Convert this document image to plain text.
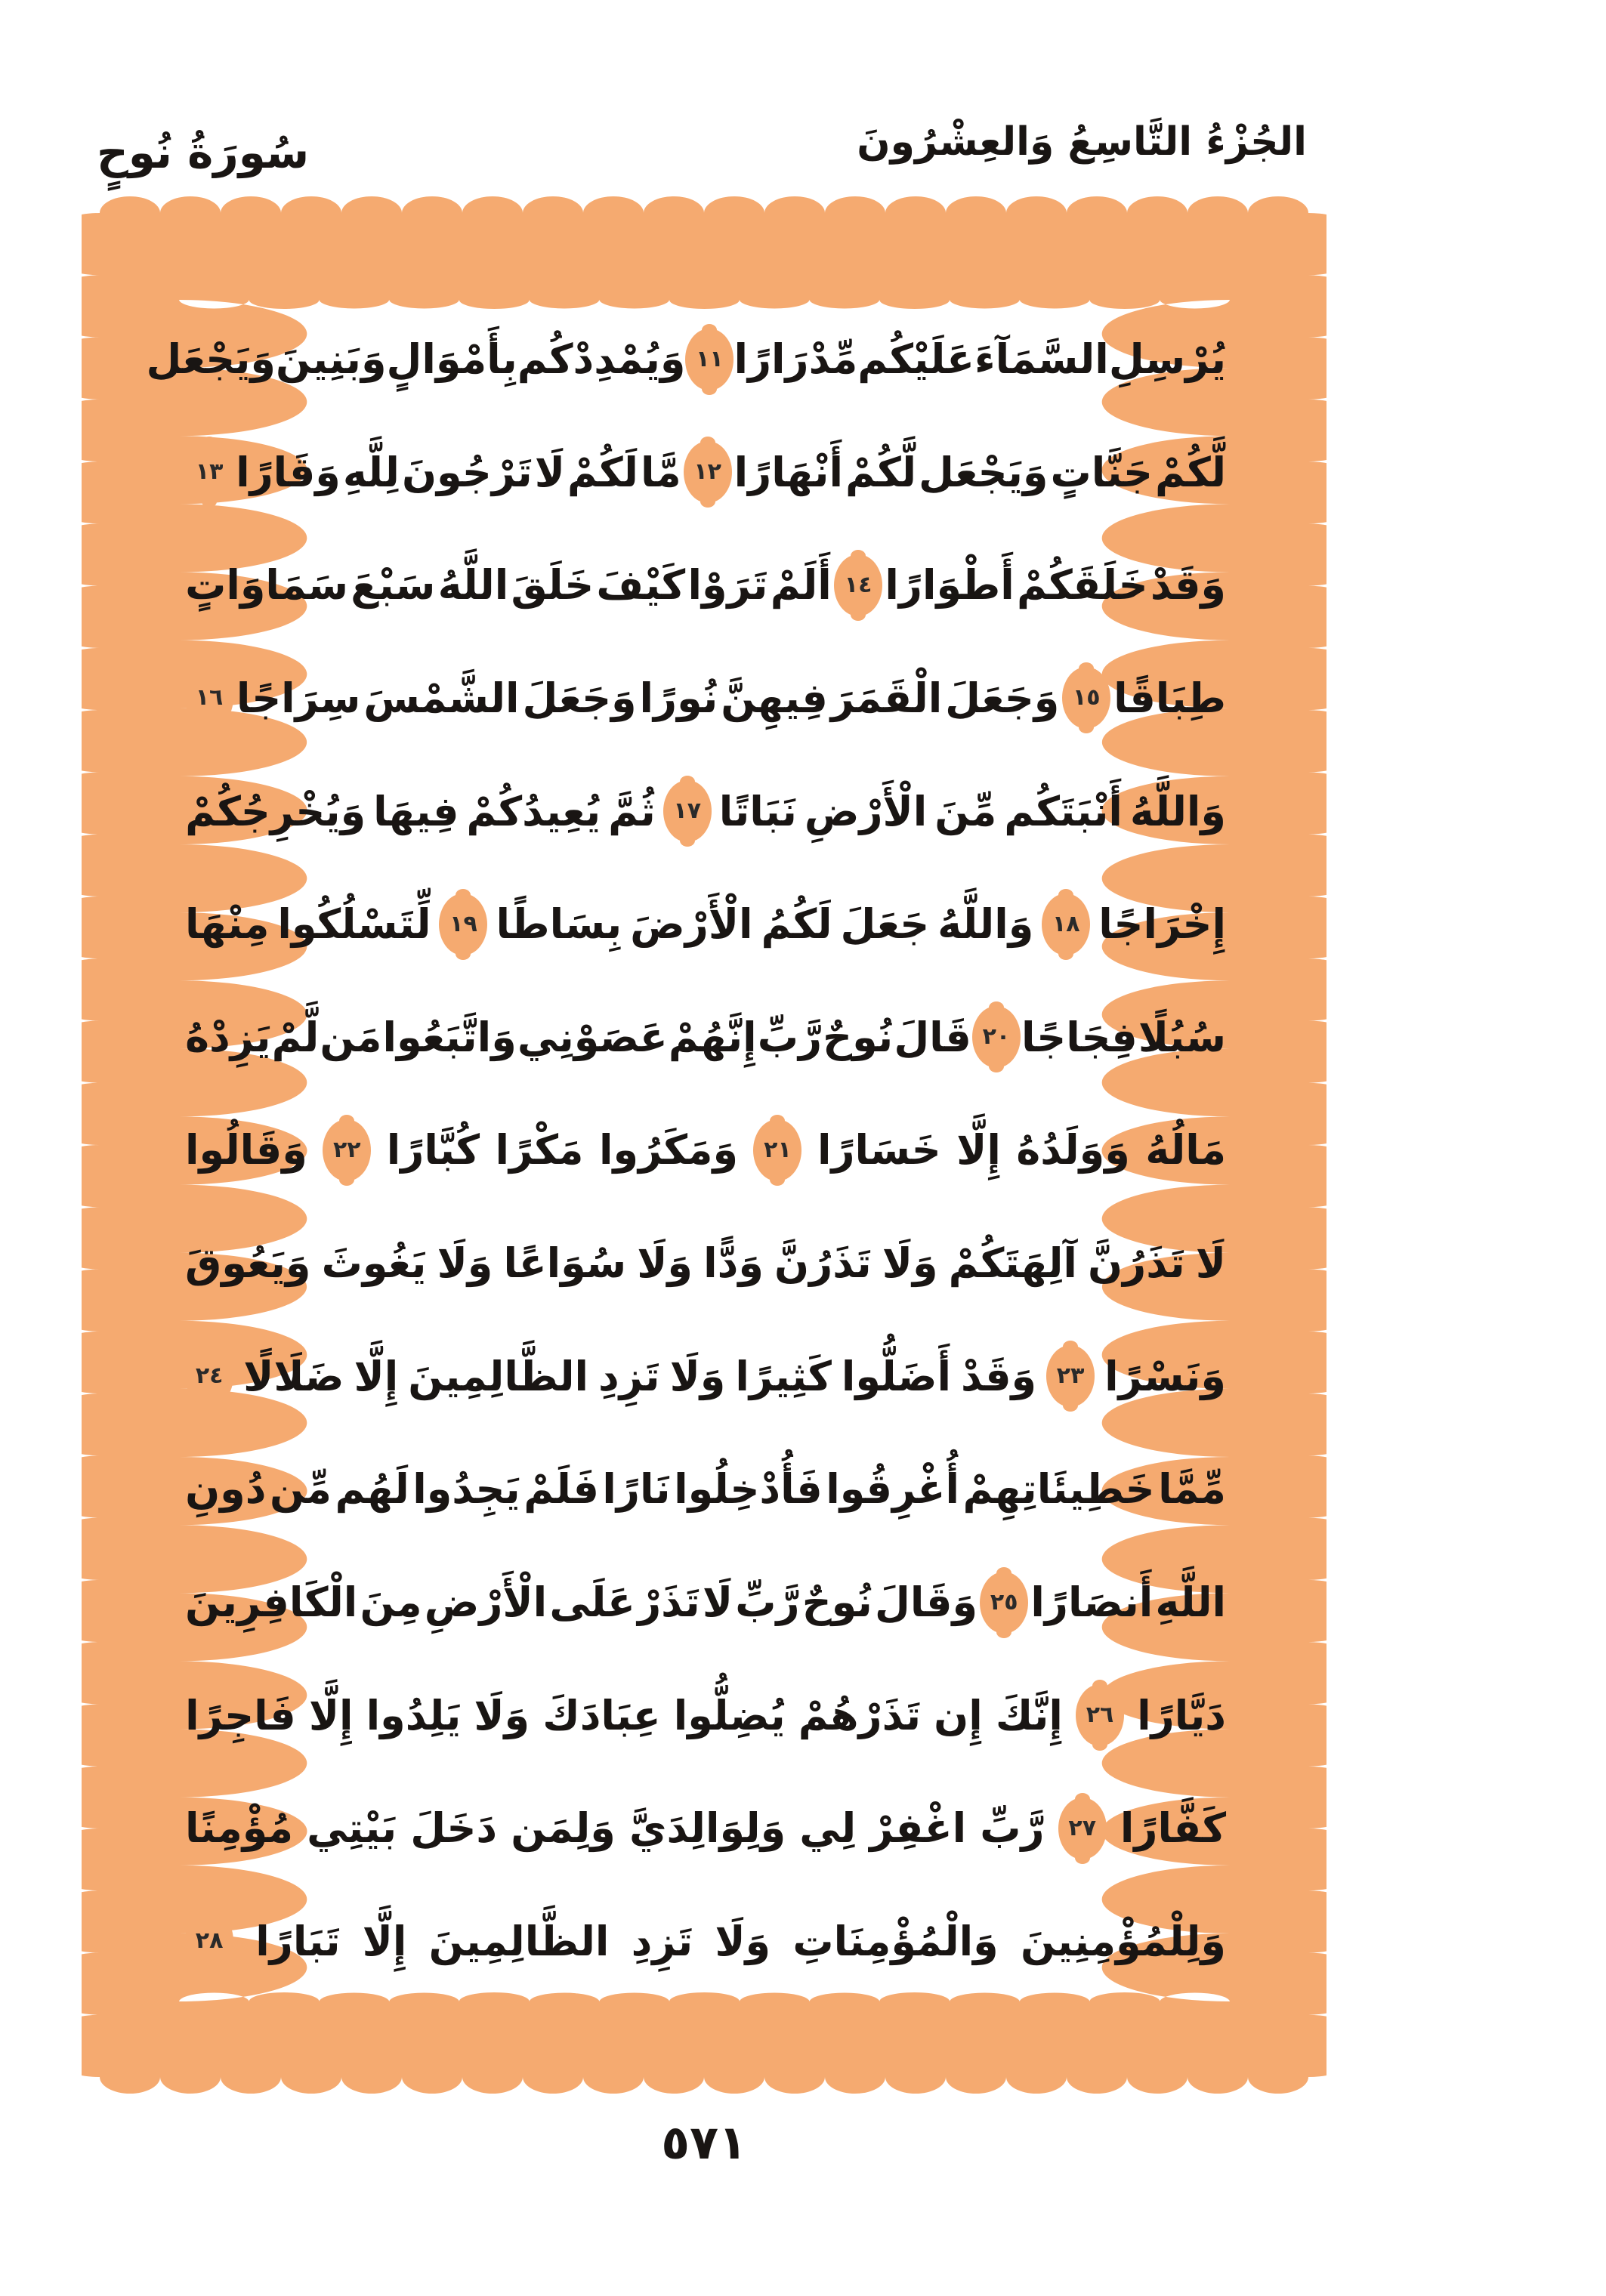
سُورَةُ نُوحٍ	الجُزْءُ التَّاسِعُ وَالعِشْرُونَ
يُرْسِلِ
السَّمَآءَ
عَلَيْكُم
مِّدْرَارًا
١١
وَيُمْدِدْكُم
بِأَمْوَالٍ
وَبَنِينَ
وَيَجْعَل
لَّكُمْ
جَنَّاتٍ
وَيَجْعَل
لَّكُمْ
أَنْهَارًا
١٢
مَّا
لَكُمْ
لَا
تَرْجُونَ
لِلَّهِ
وَقَارًا
١٣
وَقَدْ
خَلَقَكُمْ
أَطْوَارًا
١٤
أَلَمْ
تَرَوْا
كَيْفَ
خَلَقَ
اللَّهُ
سَبْعَ
سَمَاوَاتٍ
طِبَاقًا
١٥
وَجَعَلَ
الْقَمَرَ
فِيهِنَّ
نُورًا
وَجَعَلَ
الشَّمْسَ
سِرَاجًا
١٦
وَاللَّهُ
أَنْبَتَكُم
مِّنَ
الْأَرْضِ
نَبَاتًا
١٧
ثُمَّ
يُعِيدُكُمْ
فِيهَا
وَيُخْرِجُكُمْ
إِخْرَاجًا
١٨
وَاللَّهُ
جَعَلَ
لَكُمُ
الْأَرْضَ
بِسَاطًا
١٩
لِّتَسْلُكُوا
مِنْهَا
سُبُلًا
فِجَاجًا
٢٠
قَالَ
نُوحٌ
رَّبِّ
إِنَّهُمْ
عَصَوْنِي
وَاتَّبَعُوا
مَن
لَّمْ
يَزِدْهُ
مَالُهُ
وَوَلَدُهُ
إِلَّا
خَسَارًا
٢١
وَمَكَرُوا
مَكْرًا
كُبَّارًا
٢٢
وَقَالُوا
لَا
تَذَرُنَّ
آلِهَتَكُمْ
وَلَا
تَذَرُنَّ
وَدًّا
وَلَا
سُوَاعًا
وَلَا
يَغُوثَ
وَيَعُوقَ
وَنَسْرًا
٢٣
وَقَدْ
أَضَلُّوا
كَثِيرًا
وَلَا
تَزِدِ
الظَّالِمِينَ
إِلَّا
ضَلَالًا
٢٤
مِّمَّا
خَطِيئَاتِهِمْ
أُغْرِقُوا
فَأُدْخِلُوا
نَارًا
فَلَمْ
يَجِدُوا
لَهُم
مِّن
دُونِ
اللَّهِ
أَنصَارًا
٢٥
وَقَالَ
نُوحٌ
رَّبِّ
لَا
تَذَرْ
عَلَى
الْأَرْضِ
مِنَ
الْكَافِرِينَ
دَيَّارًا
٢٦
إِنَّكَ
إِن
تَذَرْهُمْ
يُضِلُّوا
عِبَادَكَ
وَلَا
يَلِدُوا
إِلَّا
فَاجِرًا
كَفَّارًا
٢٧
رَّبِّ
اغْفِرْ
لِي
وَلِوَالِدَيَّ
وَلِمَن
دَخَلَ
بَيْتِي
مُؤْمِنًا
وَلِلْمُؤْمِنِينَ
وَالْمُؤْمِنَاتِ
وَلَا
تَزِدِ
الظَّالِمِينَ
إِلَّا
تَبَارًا
٢٨
٥٧١
